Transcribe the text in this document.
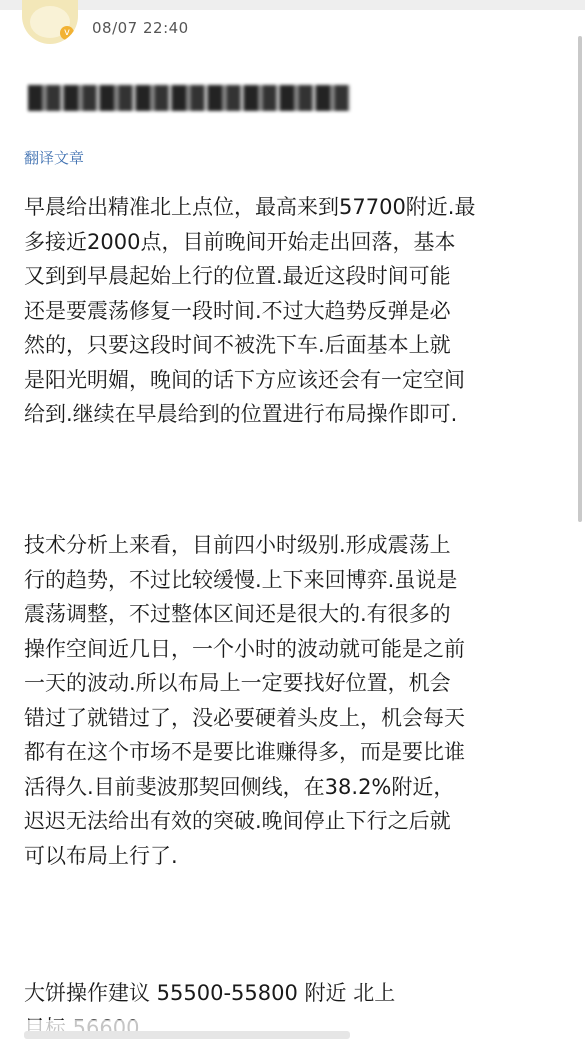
v 08/07 22:40
翻译文章
早晨给出精准北上点位，最高来到57700附近.最
多接近2000点，目前晚间开始走出回落，基本
又到到早晨起始上行的位置.最近这段时间可能
还是要震荡修复一段时间.不过大趋势反弹是必
然的，只要这段时间不被洗下车.后面基本上就
是阳光明媚，晚间的话下方应该还会有一定空间
给到.继续在早晨给到的位置进行布局操作即可.
技术分析上来看，目前四小时级别.形成震荡上
行的趋势，不过比较缓慢.上下来回博弈.虽说是
震荡调整，不过整体区间还是很大的.有很多的
操作空间近几日，一个小时的波动就可能是之前
一天的波动.所以布局上一定要找好位置，机会
错过了就错过了，没必要硬着头皮上，机会每天
都有在这个市场不是要比谁赚得多，而是要比谁
活得久.目前斐波那契回侧线，在38.2%附近，
迟迟无法给出有效的突破.晚间停止下行之后就
可以布局上行了.
大饼操作建议 55500-55800 附近 北上
